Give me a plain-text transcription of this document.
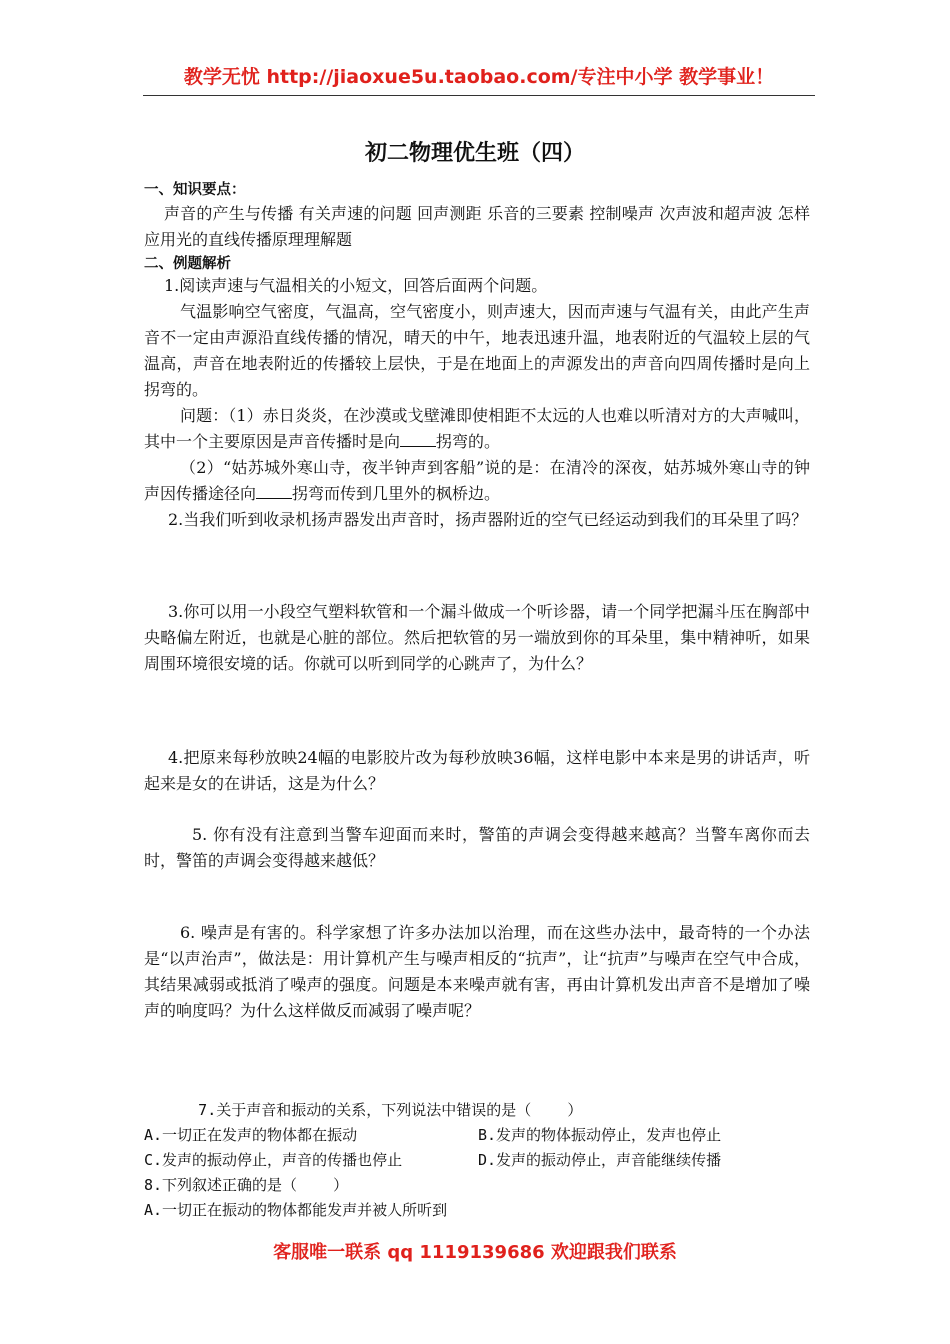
教学无忧 http://jiaoxue5u.taobao.com/专注中小学 教学事业！
初二物理优生班（四）
一、知识要点：
声音的产生与传播 有关声速的问题 回声测距 乐音的三要素 控制噪声 次声波和超声波 怎样应用光的直线传播原理理解题
二、例题解析
1.阅读声速与气温相关的小短文，回答后面两个问题。
气温影响空气密度，气温高，空气密度小，则声速大，因而声速与气温有关，由此产生声音不一定由声源沿直线传播的情况，晴天的中午，地表迅速升温，地表附近的气温较上层的气温高，声音在地表附近的传播较上层快，于是在地面上的声源发出的声音向四周传播时是向上拐弯的。
问题：（1）赤日炎炎，在沙漠或戈壁滩即使相距不太远的人也难以听清对方的大声喊叫，其中一个主要原因是声音传播时是向 拐弯的。
（2）“姑苏城外寒山寺，夜半钟声到客船”说的是：在清冷的深夜，姑苏城外寒山寺的钟声因传播途径向 拐弯而传到几里外的枫桥边。
2.当我们听到收录机扬声器发出声音时，扬声器附近的空气已经运动到我们的耳朵里了吗？
3.你可以用一小段空气塑料软管和一个漏斗做成一个听诊器，请一个同学把漏斗压在胸部中央略偏左附近，也就是心脏的部位。然后把软管的另一端放到你的耳朵里，集中精神听，如果周围环境很安境的话。你就可以听到同学的心跳声了，为什么？
4.把原来每秒放映24幅的电影胶片改为每秒放映36幅，这样电影中本来是男的讲话声，听起来是女的在讲话，这是为什么？
5. 你有没有注意到当警车迎面而来时，警笛的声调会变得越来越高？当警车离你而去时，警笛的声调会变得越来越低？
6. 噪声是有害的。科学家想了许多办法加以治理，而在这些办法中，最奇特的一个办法是“以声治声”，做法是：用计算机产生与噪声相反的“抗声”，让“抗声”与噪声在空气中合成，其结果减弱或抵消了噪声的强度。问题是本来噪声就有害，再由计算机发出声音不是增加了噪声的响度吗？为什么这样做反而减弱了噪声呢？
7.关于声音和振动的关系，下列说法中错误的是（    ）
A.一切正在发声的物体都在振动	B.发声的物体振动停止，发声也停止
C.发声的振动停止，声音的传播也停止	D.发声的振动停止，声音能继续传播
8.下列叙述正确的是（    ）
A.一切正在振动的物体都能发声并被人所听到
客服唯一联系 qq 1119139686 欢迎跟我们联系
